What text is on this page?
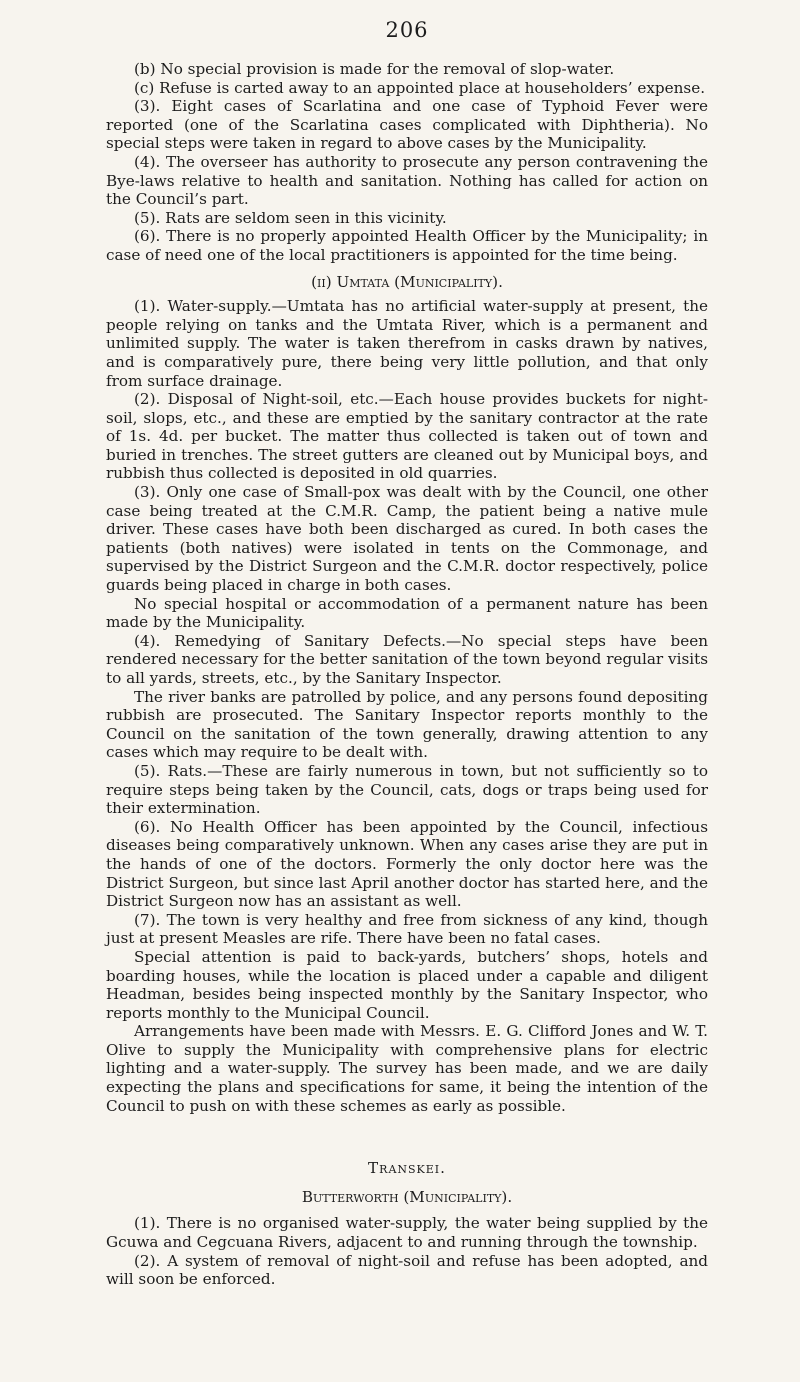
206

(b) No special provision is made for the removal of slop-water.

(c) Refuse is carted away to an appointed place at householders’ expense.

(3). Eight cases of Scarlatina and one case of Typhoid Fever were reported (one of the Scarlatina cases complicated with Diphtheria). No special steps were taken in regard to above cases by the Municipality.

(4). The overseer has authority to prosecute any person contravening the Bye-laws relative to health and sanitation. Nothing has called for action on the Council’s part.

(5). Rats are seldom seen in this vicinity.

(6). There is no properly appointed Health Officer by the Municipality; in case of need one of the local practitioners is appointed for the time being.

(ii) Umtata (Municipality).

(1). Water-supply.—Umtata has no artificial water-supply at present, the people relying on tanks and the Umtata River, which is a permanent and unlimited supply. The water is taken therefrom in casks drawn by natives, and is comparatively pure, there being very little pollution, and that only from surface drainage.

(2). Disposal of Night-soil, etc.—Each house provides buckets for night-soil, slops, etc., and these are emptied by the sanitary contractor at the rate of 1s. 4d. per bucket. The matter thus collected is taken out of town and buried in trenches. The street gutters are cleaned out by Municipal boys, and rubbish thus collected is deposited in old quarries.

(3). Only one case of Small-pox was dealt with by the Council, one other case being treated at the C.M.R. Camp, the patient being a native mule driver. These cases have both been discharged as cured. In both cases the patients (both natives) were isolated in tents on the Commonage, and supervised by the District Surgeon and the C.M.R. doctor respectively, police guards being placed in charge in both cases.

No special hospital or accommodation of a permanent nature has been made by the Municipality.

(4). Remedying of Sanitary Defects.—No special steps have been rendered necessary for the better sanitation of the town beyond regular visits to all yards, streets, etc., by the Sanitary Inspector.

The river banks are patrolled by police, and any persons found depositing rubbish are prosecuted. The Sanitary Inspector reports monthly to the Council on the sanitation of the town generally, drawing attention to any cases which may require to be dealt with.

(5). Rats.—These are fairly numerous in town, but not sufficiently so to require steps being taken by the Council, cats, dogs or traps being used for their extermination.

(6). No Health Officer has been appointed by the Council, infectious diseases being comparatively unknown. When any cases arise they are put in the hands of one of the doctors. Formerly the only doctor here was the District Surgeon, but since last April another doctor has started here, and the District Surgeon now has an assistant as well.

(7). The town is very healthy and free from sickness of any kind, though just at present Measles are rife. There have been no fatal cases.

Special attention is paid to back-yards, butchers’ shops, hotels and boarding houses, while the location is placed under a capable and diligent Headman, besides being inspected monthly by the Sanitary Inspector, who reports monthly to the Municipal Council.

Arrangements have been made with Messrs. E. G. Clifford Jones and W. T. Olive to supply the Municipality with comprehensive plans for electric lighting and a water-supply. The survey has been made, and we are daily expecting the plans and specifications for same, it being the intention of the Council to push on with these schemes as early as possible.

Transkei.
Butterworth (Municipality).

(1). There is no organised water-supply, the water being supplied by the Gcuwa and Cegcuana Rivers, adjacent to and running through the township.

(2). A system of removal of night-soil and refuse has been adopted, and will soon be enforced.
